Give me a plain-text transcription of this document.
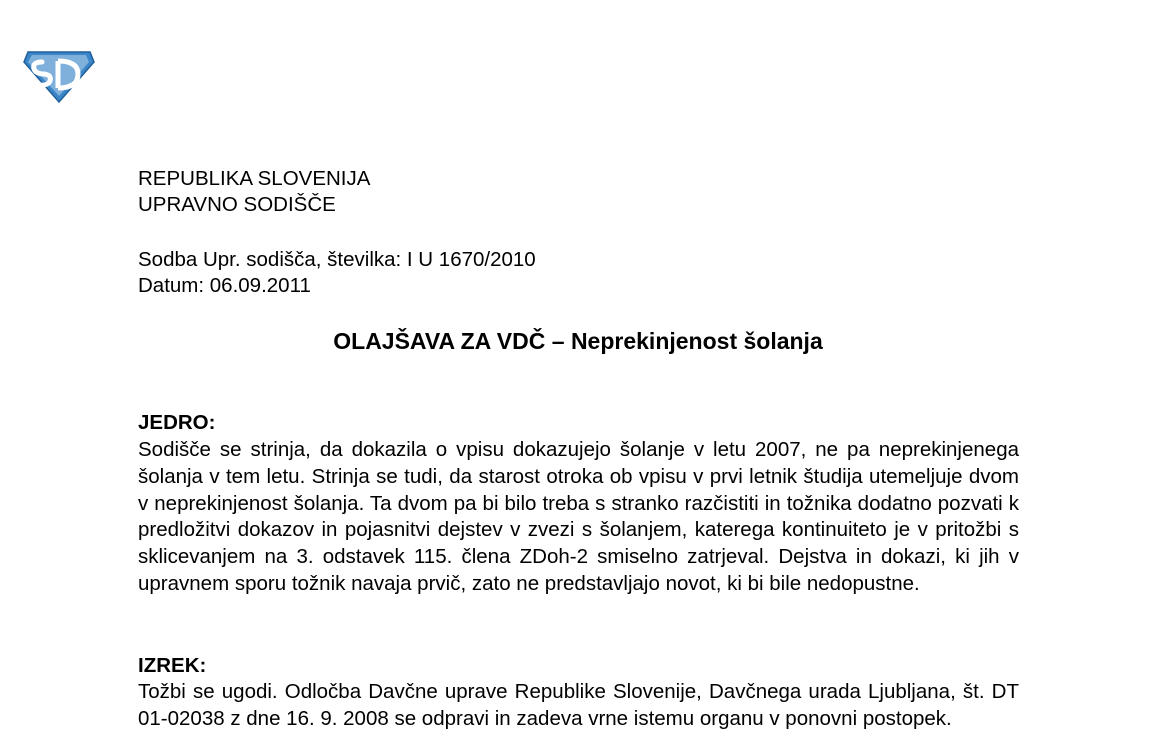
REPUBLIKA SLOVENIJA
UPRAVNO SODIŠČE
Sodba Upr. sodišča, številka: I U 1670/2010
Datum: 06.09.2011
OLAJŠAVA ZA VDČ – Neprekinjenost šolanja
JEDRO:
Sodišče se strinja, da dokazila o vpisu dokazujejo šolanje v letu 2007, ne pa neprekinjenega šolanja v tem letu. Strinja se tudi, da starost otroka ob vpisu v prvi letnik študija utemeljuje dvom v neprekinjenost šolanja. Ta dvom pa bi bilo treba s stranko razčistiti in tožnika dodatno pozvati k predložitvi dokazov in pojasnitvi dejstev v zvezi s šolanjem, katerega kontinuiteto je v pritožbi s sklicevanjem na 3. odstavek 115. člena ZDoh-2 smiselno zatrjeval. Dejstva in dokazi, ki jih v upravnem sporu tožnik navaja prvič, zato ne predstavljajo novot, ki bi bile nedopustne.
IZREK:
Tožbi se ugodi. Odločba Davčne uprave Republike Slovenije, Davčnega urada Ljubljana, št. DT 01-02038 z dne 16. 9. 2008 se odpravi in zadeva vrne istemu organu v ponovni postopek.
